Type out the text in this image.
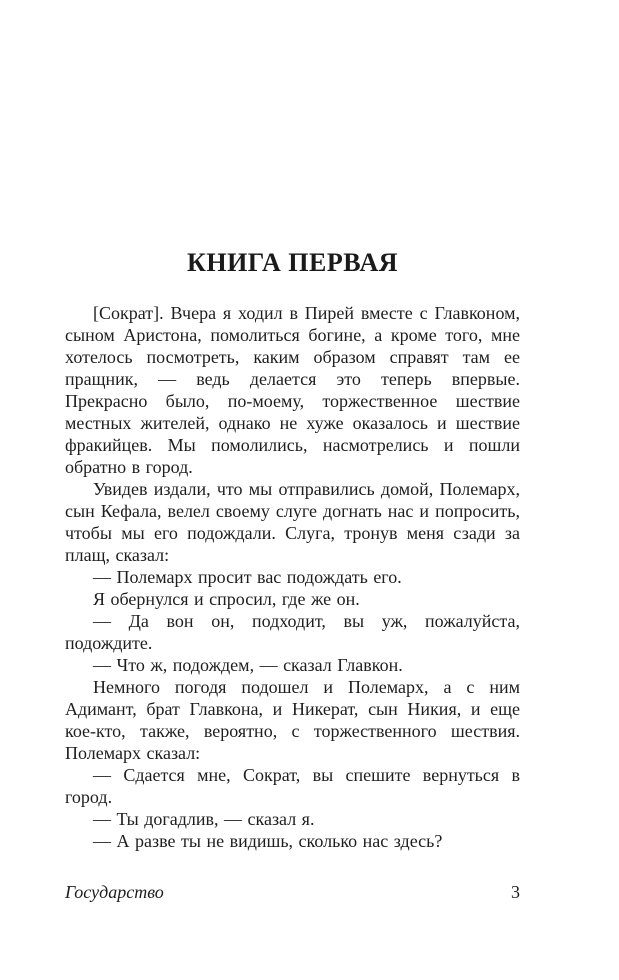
КНИГА ПЕРВАЯ

[Сократ]. Вчера я ходил в Пирей вместе с Главконом, сыном Аристона, помолиться богине, а кроме того, мне хотелось посмотреть, каким образом справят там ее пращник, — ведь делается это теперь впервые. Прекрасно было, по-моему, торжественное шествие местных жителей, однако не хуже оказалось и шествие фракийцев. Мы помолились, насмотрелись и пошли обратно в город.

Увидев издали, что мы отправились домой, Полемарх, сын Кефала, велел своему слуге догнать нас и попросить, чтобы мы его подождали. Слуга, тронув меня сзади за плащ, сказал:

— Полемарх просит вас подождать его.

Я обернулся и спросил, где же он.

— Да вон он, подходит, вы уж, пожалуйста, подождите.

— Что ж, подождем, — сказал Главкон.

Немного погодя подошел и Полемарх, а с ним Адимант, брат Главкона, и Никерат, сын Никия, и еще кое-кто, также, вероятно, с торжественного шествия. Полемарх сказал:

— Сдается мне, Сократ, вы спешите вернуться в город.

— Ты догадлив, — сказал я.

— А разве ты не видишь, сколько нас здесь?

Государство	3
